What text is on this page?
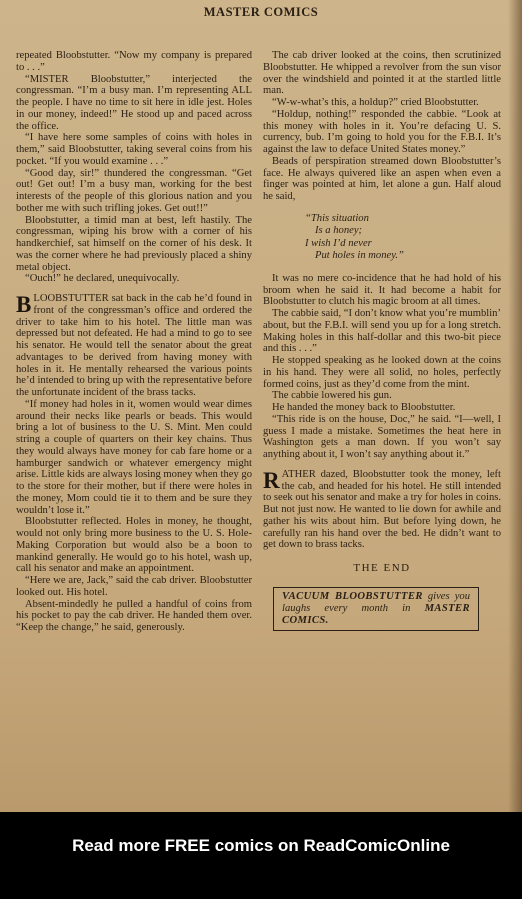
MASTER COMICS

repeated Bloobstutter. “Now my company is prepared to . . .”

“MISTER Bloobstutter,” interjected the congressman. “I’m a busy man. I’m representing ALL the people. I have no time to sit here in idle jest. Holes in our money, indeed!” He stood up and paced across the office.

“I have here some samples of coins with holes in them,” said Bloobstutter, taking several coins from his pocket. “If you would examine . . .”

“Good day, sir!” thundered the congressman. “Get out! Get out! I’m a busy man, working for the best interests of the people of this glorious nation and you bother me with such trifling jokes. Get out!!”

Bloobstutter, a timid man at best, left hastily. The congressman, wiping his brow with a corner of his handkerchief, sat himself on the corner of his desk. It was the corner where he had previously placed a shiny metal object.

“Ouch!” he declared, unequivocally.

BLOOBSTUTTER sat back in the cab he’d found in front of the congressman’s office and ordered the driver to take him to his hotel. The little man was depressed but not defeated. He had a mind to go to see his senator. He would tell the senator about the great advantages to be derived from having money with holes in it. He mentally rehearsed the various points he’d intended to bring up with the representative before the unfortunate incident of the brass tacks.

“If money had holes in it, women would wear dimes around their necks like pearls or beads. This would bring a lot of business to the U. S. Mint. Men could string a couple of quarters on their key chains. Thus they would always have money for cab fare home or a hamburger sandwich or whatever emergency might arise. Little kids are always losing money when they go to the store for their mother, but if there were holes in the money, Mom could tie it to them and be sure they wouldn’t lose it.”

Bloobstutter reflected. Holes in money, he thought, would not only bring more business to the U. S. Hole-Making Corporation but would also be a boon to mankind generally. He would go to his hotel, wash up, call his senator and make an appointment.

“Here we are, Jack,” said the cab driver. Bloobstutter looked out. His hotel.

Absent-mindedly he pulled a handful of coins from his pocket to pay the cab driver. He handed them over. “Keep the change,” he said, generously.

The cab driver looked at the coins, then scrutinized Bloobstutter. He whipped a revolver from the sun visor over the windshield and pointed it at the startled little man.

“W-w-what’s this, a holdup?” cried Bloobstutter.

“Holdup, nothing!” responded the cabbie. “Look at this money with holes in it. You’re defacing U. S. currency, bub. I’m going to hold you for the F.B.I. It’s against the law to deface United States money.”

Beads of perspiration streamed down Bloobstutter’s face. He always quivered like an aspen when even a finger was pointed at him, let alone a gun. Half aloud he said,

“This situation
Is a honey;
I wish I’d never
Put holes in money.”

It was no mere co-incidence that he had hold of his broom when he said it. It had become a habit for Bloobstutter to clutch his magic broom at all times.

The cabbie said, “I don’t know what you’re mumblin’ about, but the F.B.I. will send you up for a long stretch. Making holes in this half-dollar and this two-bit piece and this . . .”

He stopped speaking as he looked down at the coins in his hand. They were all solid, no holes, perfectly formed coins, just as they’d come from the mint.

The cabbie lowered his gun.

He handed the money back to Bloobstutter.

“This ride is on the house, Doc,” he said. “I—well, I guess I made a mistake. Sometimes the heat here in Washington gets a man down. If you won’t say anything about it, I won’t say anything about it.”

RATHER dazed, Bloobstutter took the money, left the cab, and headed for his hotel. He still intended to seek out his senator and make a try for holes in coins. But not just now. He wanted to lie down for awhile and gather his wits about him. But before lying down, he carefully ran his hand over the bed. He didn’t want to get down to brass tacks.

THE END
VACUUM BLOOBSTUTTER gives you laughs every month in MASTER COMICS.
Read more FREE comics on ReadComicOnline
